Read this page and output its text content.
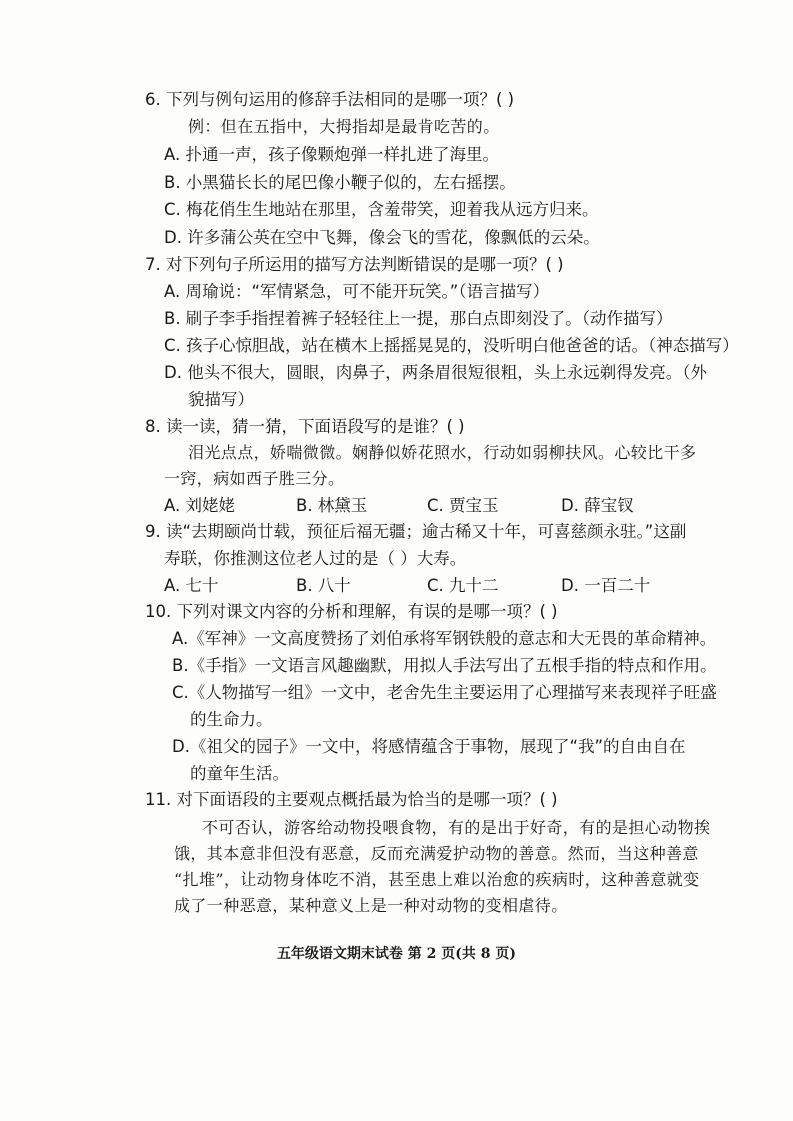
6. 下列与例句运用的修辞手法相同的是哪一项？( )
例：但在五指中，大拇指却是最肯吃苦的。
A. 扑通一声，孩子像颗炮弹一样扎进了海里。
B. 小黑猫长长的尾巴像小鞭子似的，左右摇摆。
C. 梅花俏生生地站在那里，含羞带笑，迎着我从远方归来。
D. 许多蒲公英在空中飞舞，像会飞的雪花，像飘低的云朵。
7. 对下列句子所运用的描写方法判断错误的是哪一项？( )
A. 周瑜说：“军情紧急，可不能开玩笑。”（语言描写）
B. 刷子李手指捏着裤子轻轻往上一提，那白点即刻没了。（动作描写）
C. 孩子心惊胆战，站在横木上摇摇晃晃的，没听明白他爸爸的话。（神态描写）
D. 他头不很大，圆眼，肉鼻子，两条眉很短很粗，头上永远剃得发亮。（外
貌描写）
8. 读一读，猜一猜，下面语段写的是谁？( )
泪光点点，娇喘微微。娴静似娇花照水，行动如弱柳扶风。心较比干多
一窍，病如西子胜三分。
A. 刘姥姥	B. 林黛玉	C. 贾宝玉	D. 薛宝钗
9. 读“去期颐尚廿载，预征后福无疆；逾古稀又十年，可喜慈颜永驻。”这副
寿联，你推测这位老人过的是（ ）大寿。
A. 七十	B. 八十	C. 九十二	D. 一百二十
10. 下列对课文内容的分析和理解，有误的是哪一项？( )
A.《军神》一文高度赞扬了刘伯承将军钢铁般的意志和大无畏的革命精神。
B.《手指》一文语言风趣幽默，用拟人手法写出了五根手指的特点和作用。
C.《人物描写一组》一文中，老舍先生主要运用了心理描写来表现祥子旺盛
的生命力。
D.《祖父的园子》一文中，将感情蕴含于事物，展现了“我”的自由自在
的童年生活。
11. 对下面语段的主要观点概括最为恰当的是哪一项？( )
不可否认，游客给动物投喂食物，有的是出于好奇，有的是担心动物挨
饿，其本意非但没有恶意，反而充满爱护动物的善意。然而，当这种善意
“扎堆”，让动物身体吃不消，甚至患上难以治愈的疾病时，这种善意就变
成了一种恶意，某种意义上是一种对动物的变相虐待。
五年级语文期末试卷 第 2 页(共 8 页)
